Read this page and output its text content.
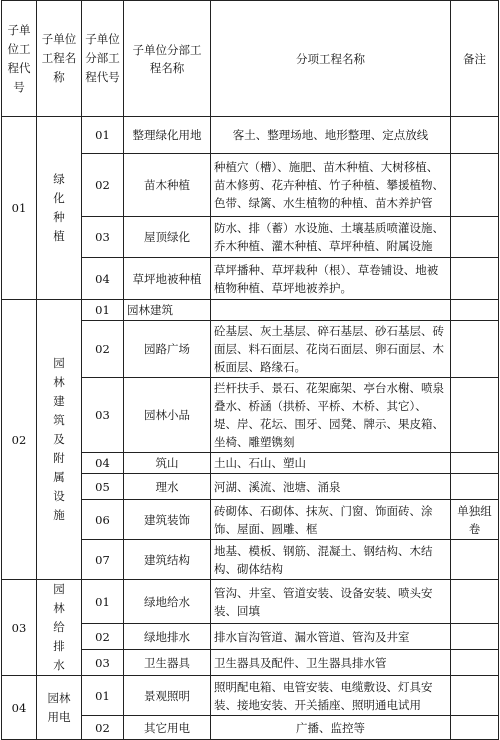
子单位工程代号	子单位工程名称	子单位分部工程代号	子单位分部工程名称	分项工程名称	备注
01	绿化种植	01	整理绿化用地	客土、整理场地、地形整理、定点放线	
		02	苗木种植	种植穴（槽）、施肥、苗木种植、大树移植、苗木修剪、花卉种植、竹子种植、攀援植物、色带、绿篱、水生植物的种植、苗木养护管	
		03	屋顶绿化	防水、排（蓄）水设施、土壤基质喷灌设施、乔木种植、灌木种植、草坪种植、附属设施	
		04	草坪地被种植	草坪播种、草坪栽种（根）、草卷铺设、地被植物种植、草坪地被养护。	
02	园林建筑及附属设施	01	园林建筑		
		02	园路广场	砼基层、灰土基层、碎石基层、砂石基层、砖面层、料石面层、花岗石面层、卵石面层、木板面层、路缘石。	
		03	园林小品	拦杆扶手、景石、花架廊架、亭台水榭、喷泉叠水、桥涵（拱桥、平桥、木桥、其它）、堤、岸、花坛、围牙、园凳、牌示、果皮箱、坐椅、雕塑镌刻	
		04	筑山	土山、石山、塑山	
		05	理水	河湖、溪流、池塘、涌泉	
		06	建筑装饰	砖砌体、石砌体、抹灰、门窗、饰面砖、涂饰、屋面、圆雕、框	单独组卷
		07	建筑结构	地基、模板、钢筋、混凝土、钢结构、木结构、砌体结构	
03	园林给排水	01	绿地给水	管沟、井室、管道安装、设备安装、喷头安装、回填	
		02	绿地排水	排水盲沟管道、漏水管道、管沟及井室	
		03	卫生器具	卫生器具及配件、卫生器具排水管	
04	园林用电	01	景观照明	照明配电箱、电管安装、电缆敷设、灯具安装、接地安装、开关插座、照明通电试用	
		02	其它用电	广播、监控等	
